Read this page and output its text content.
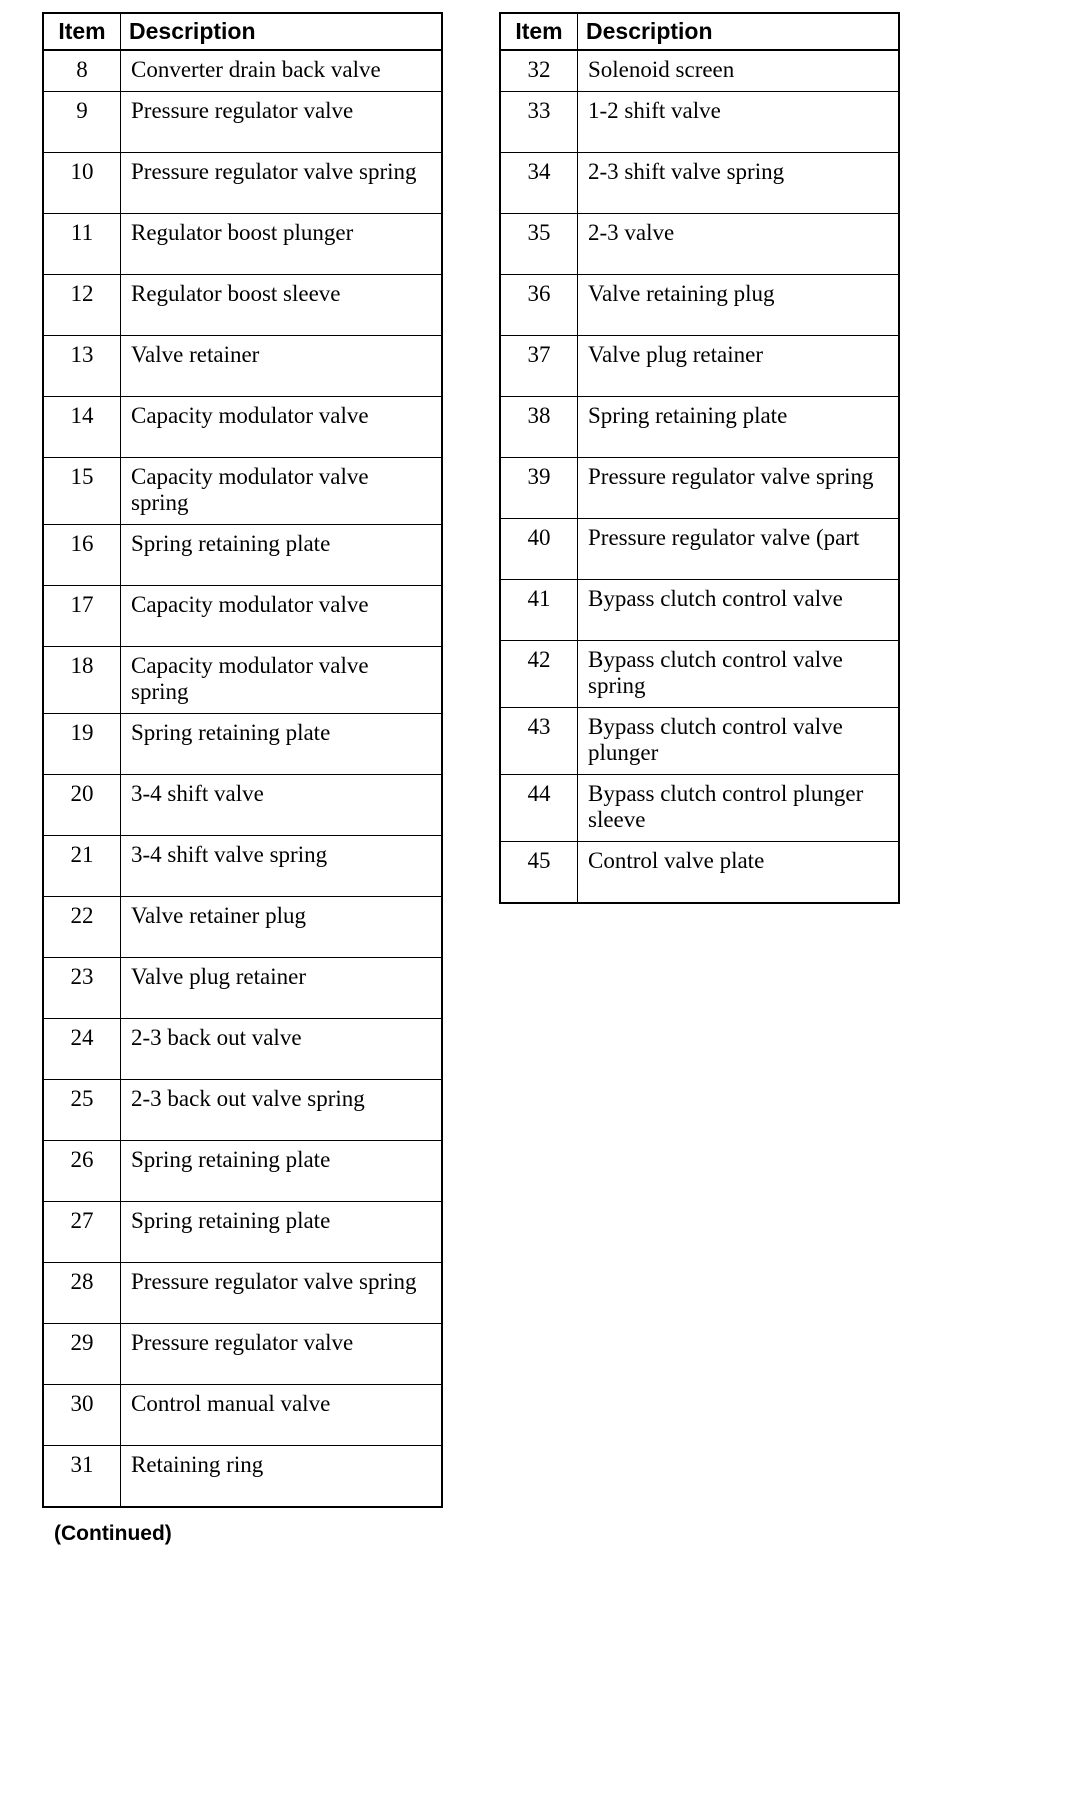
Item	Description
8	Converter drain back valve
9	Pressure regulator valve
10	Pressure regulator valve spring
11	Regulator boost plunger
12	Regulator boost sleeve
13	Valve retainer
14	Capacity modulator valve
15	Capacity modulator valve spring
16	Spring retaining plate
17	Capacity modulator valve
18	Capacity modulator valve spring
19	Spring retaining plate
20	3-4 shift valve
21	3-4 shift valve spring
22	Valve retainer plug
23	Valve plug retainer
24	2-3 back out valve
25	2-3 back out valve spring
26	Spring retaining plate
27	Spring retaining plate
28	Pressure regulator valve spring
29	Pressure regulator valve
30	Control manual valve
31	Retaining ring
Item	Description
32	Solenoid screen
33	1-2 shift valve
34	2-3 shift valve spring
35	2-3 valve
36	Valve retaining plug
37	Valve plug retainer
38	Spring retaining plate
39	Pressure regulator valve spring
40	Pressure regulator valve (part
41	Bypass clutch control valve
42	Bypass clutch control valve spring
43	Bypass clutch control valve plunger
44	Bypass clutch control plunger sleeve
45	Control valve plate
(Continued)
